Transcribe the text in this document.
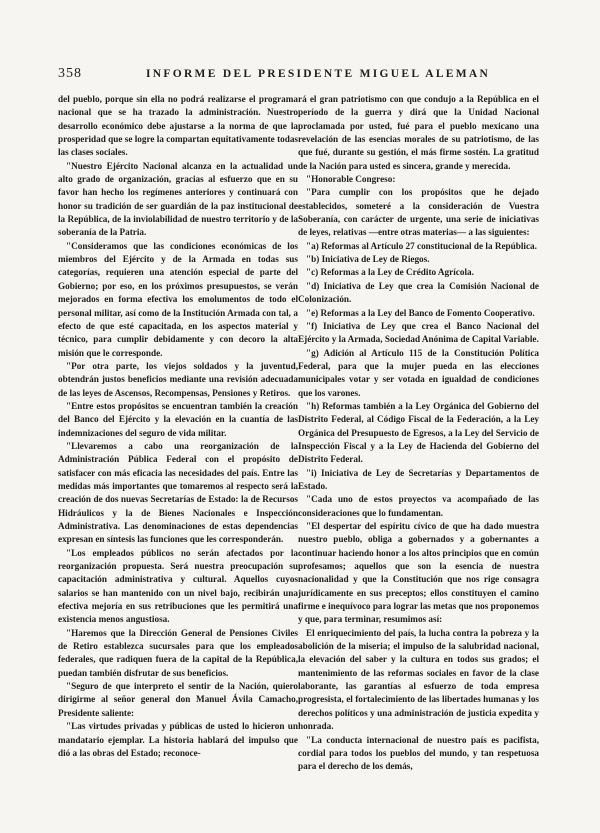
358	INFORME DEL PRESIDENTE MIGUEL ALEMAN

del pueblo, porque sin ella no podrá realizarse el programa nacional que se ha trazado la administración. Nuestro desarrollo económico debe ajustarse a la norma de que la prosperidad que se logre la compartan equitativamente todas las clases sociales.

"Nuestro Ejército Nacional alcanza en la actualidad un alto grado de organización, gracias al esfuerzo que en su favor han hecho los regímenes anteriores y continuará con honor su tradición de ser guardián de la paz institucional de la República, de la inviolabilidad de nuestro territorio y de la soberanía de la Patria.

"Consideramos que las condiciones económicas de los miembros del Ejército y de la Armada en todas sus categorías, requieren una atención especial de parte del Gobierno; por eso, en los próximos presupuestos, se verán mejorados en forma efectiva los emolumentos de todo el personal militar, así como de la Institución Armada con tal, a efecto de que esté capacitada, en los aspectos material y técnico, para cumplir debidamente y con decoro la alta misión que le corresponde.

"Por otra parte, los viejos soldados y la juventud, obtendrán justos beneficios mediante una revisión adecuada de las leyes de Ascensos, Recompensas, Pensiones y Retiros.

"Entre estos propósitos se encuentran también la creación del Banco del Ejército y la elevación en la cuantía de las indemnizaciones del seguro de vida militar.

"Llevaremos a cabo una reorganización de la Administración Pública Federal con el propósito de satisfacer con más eficacia las necesidades del país. Entre las medidas más importantes que tomaremos al respecto será la creación de dos nuevas Secretarías de Estado: la de Recursos Hidráulicos y la de Bienes Nacionales e Inspección Administrativa. Las denominaciones de estas dependencias expresan en síntesis las funciones que les corresponderán.

"Los empleados públicos no serán afectados por la reorganización propuesta. Será nuestra preocupación su capacitación administrativa y cultural. Aquellos cuyos salarios se han mantenido con un nivel bajo, recibirán una efectiva mejoría en sus retribuciones que les permitirá una existencia menos angustiosa.

"Haremos que la Dirección General de Pensiones Civiles de Retiro establezca sucursales para que los empleados federales, que radiquen fuera de la capital de la República, puedan también disfrutar de sus beneficios.

"Seguro de que interpreto el sentir de la Nación, quiero dirigirme al señor general don Manuel Ávila Camacho, Presidente saliente:

"Las virtudes privadas y públicas de usted lo hicieron un mandatario ejemplar. La historia hablará del impulso que dió a las obras del Estado; reconoce-

rá el gran patriotismo con que condujo a la República en el período de la guerra y dirá que la Unidad Nacional proclamada por usted, fué para el pueblo mexicano una revelación de las esencias morales de su patriotismo, de las que fué, durante su gestión, el más firme sostén. La gratitud de la Nación para usted es sincera, grande y merecida.

"Honorable Congreso:

"Para cumplir con los propósitos que he dejado establecidos, someteré a la consideración de Vuestra Soberanía, con carácter de urgente, una serie de iniciativas de leyes, relativas —entre otras materias— a las siguientes:

"a) Reformas al Artículo 27 constitucional de la República.

"b) Iniciativa de Ley de Riegos.

"c) Reformas a la Ley de Crédito Agrícola.

"d) Iniciativa de Ley que crea la Comisión Nacional de Colonización.

"e) Reformas a la Ley del Banco de Fomento Cooperativo.

"f) Iniciativa de Ley que crea el Banco Nacional del Ejército y la Armada, Sociedad Anónima de Capital Variable.

"g) Adición al Artículo 115 de la Constitución Política Federal, para que la mujer pueda en las elecciones municipales votar y ser votada en igualdad de condiciones que los varones.

"h) Reformas también a la Ley Orgánica del Gobierno del Distrito Federal, al Código Fiscal de la Federación, a la Ley Orgánica del Presupuesto de Egresos, a la Ley del Servicio de Inspección Fiscal y a la Ley de Hacienda del Gobierno del Distrito Federal.

"i) Iniciativa de Ley de Secretarías y Departamentos de Estado.

"Cada uno de estos proyectos va acompañado de las consideraciones que lo fundamentan.

"El despertar del espíritu cívico de que ha dado muestra nuestro pueblo, obliga a gobernados y a gobernantes a continuar haciendo honor a los altos principios que en común profesamos; aquellos que son la esencia de nuestra nacionalidad y que la Constitución que nos rige consagra jurídicamente en sus preceptos; ellos constituyen el camino firme e inequívoco para lograr las metas que nos proponemos y que, para terminar, resumimos así:

El enriquecimiento del país, la lucha contra la pobreza y la abolición de la miseria; el impulso de la salubridad nacional, la elevación del saber y la cultura en todos sus grados; el mantenimiento de las reformas sociales en favor de la clase laborante, las garantías al esfuerzo de toda empresa progresista, el fortalecimiento de las libertades humanas y los derechos políticos y una administración de justicia expedita y honrada.

"La conducta internacional de nuestro país es pacifista, cordial para todos los pueblos del mundo, y tan respetuosa para el derecho de los demás,
